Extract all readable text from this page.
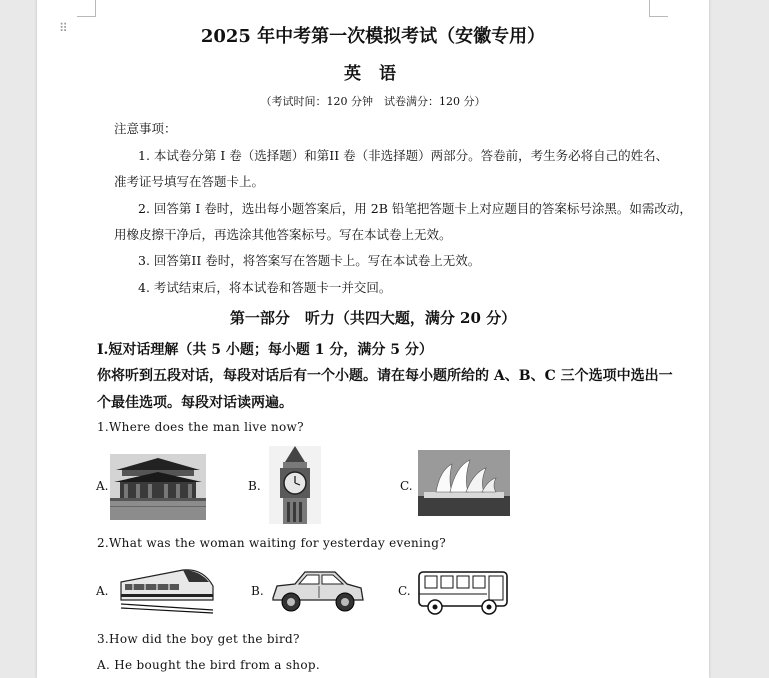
⠿	2025 年中考第一次模拟考试（安徽专用）
英 语
（考试时间：120 分钟　试卷满分：120 分）
注意事项：
1. 本试卷分第 I 卷（选择题）和第II 卷（非选择题）两部分。答卷前，考生务必将自己的姓名、
准考证号填写在答题卡上。
2. 回答第 I 卷时，选出每小题答案后，用 2B 铅笔把答题卡上对应题目的答案标号涂黑。如需改动，
用橡皮擦干净后，再选涂其他答案标号。写在本试卷上无效。
3. 回答第II 卷时，将答案写在答题卡上。写在本试卷上无效。
4. 考试结束后，将本试卷和答题卡一并交回。
第一部分　听力（共四大题，满分 20 分）
Ⅰ.短对话理解（共 5 小题；每小题 1 分，满分 5 分）
你将听到五段对话，每段对话后有一个小题。请在每小题所给的 A、B、C 三个选项中选出一
个最佳选项。每段对话读两遍。
1.Where does the man live now?
A.	B.	C.
2.What was the woman waiting for yesterday evening?
A.	B.	C.
3.How did the boy get the bird?
A. He bought the bird from a shop.
